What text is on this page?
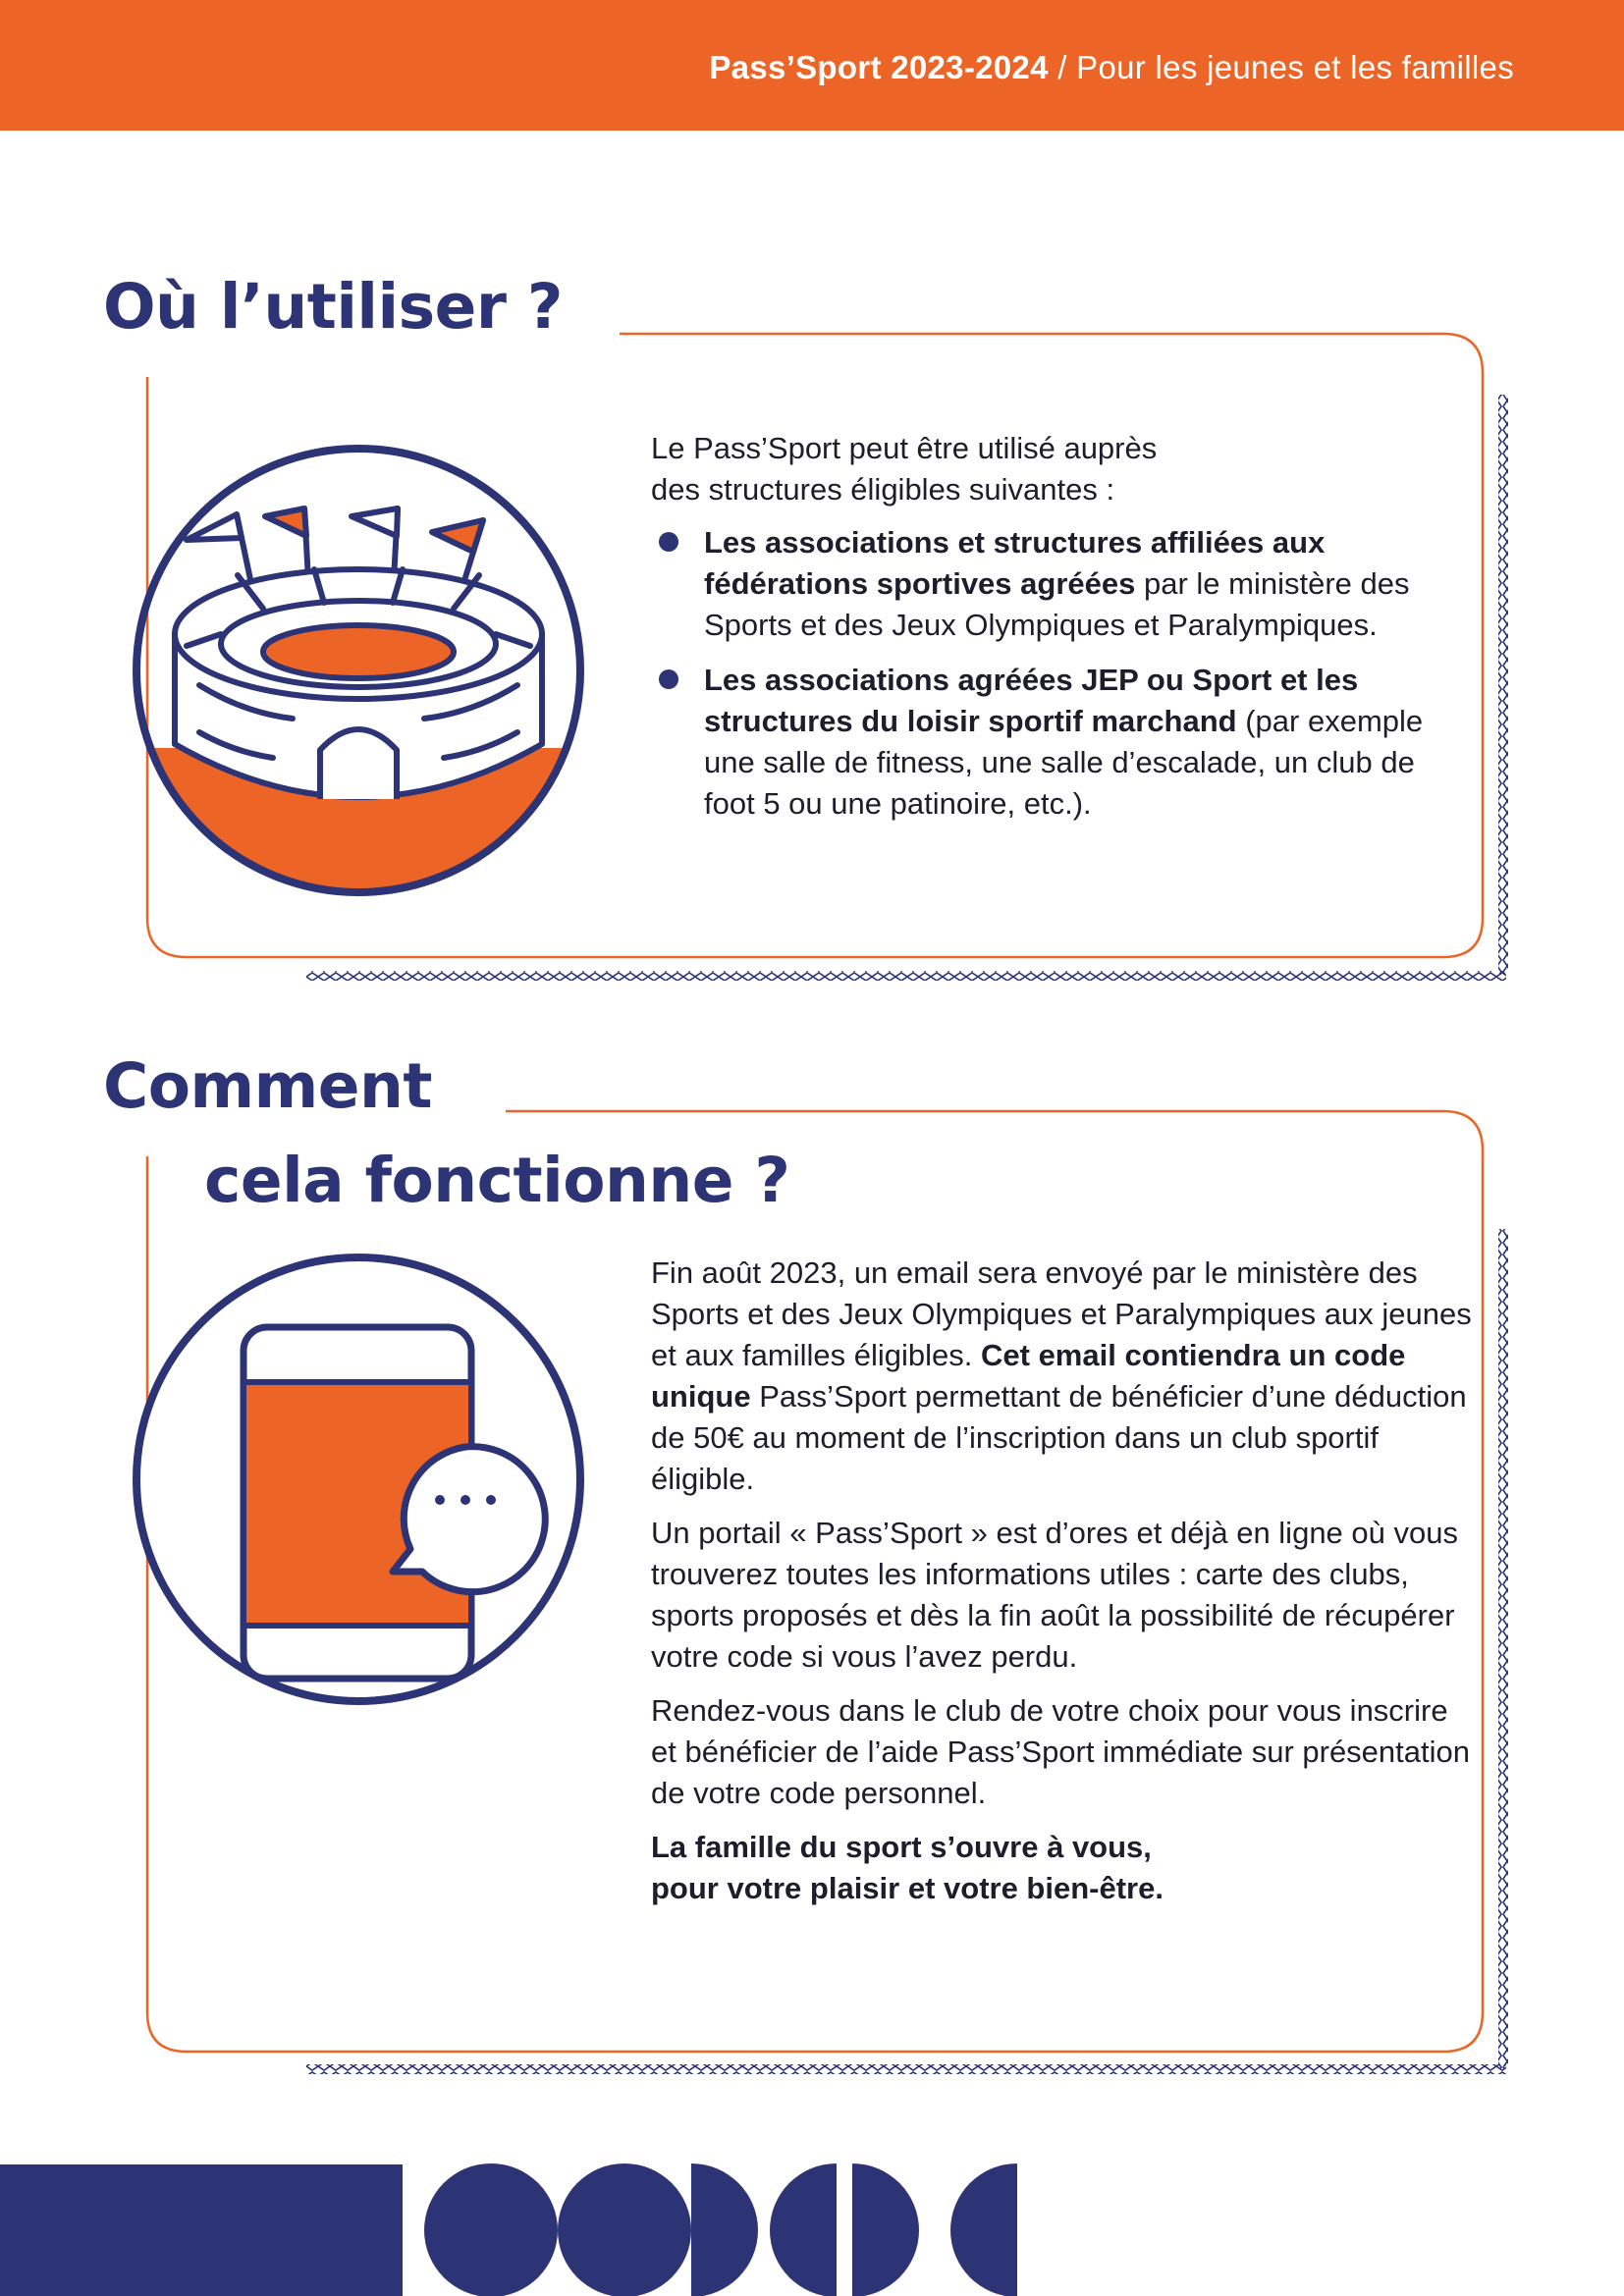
Pass’Sport 2023-2024 / Pour les jeunes et les familles
Où l’utiliser ?

Le Pass’Sport peut être utilisé auprès
des structures éligibles suivantes :

Les associations et structures affiliées aux fédérations sportives agréées par le ministère des Sports et des Jeux Olympiques et Paralympiques.
Les associations agréées JEP ou Sport et les structures du loisir sportif marchand (par exemple une salle de fitness, une salle d’escalade, un club de foot 5 ou une patinoire, etc.).
Comment
cela fonctionne ?

Fin août 2023, un email sera envoyé par le ministère des Sports et des Jeux Olympiques et Paralympiques aux jeunes et aux familles éligibles. Cet email contiendra un code unique Pass’Sport permettant de bénéficier d’une déduction de 50€ au moment de l’inscription dans un club sportif éligible.

Un portail « Pass’Sport » est d’ores et déjà en ligne où vous trouverez toutes les informations utiles : carte des clubs, sports proposés et dès la fin août la possibilité de récupérer votre code si vous l’avez perdu.

Rendez-vous dans le club de votre choix pour vous inscrire et bénéficier de l’aide Pass’Sport immédiate sur présentation de votre code personnel.

La famille du sport s’ouvre à vous,
pour votre plaisir et votre bien-être.
